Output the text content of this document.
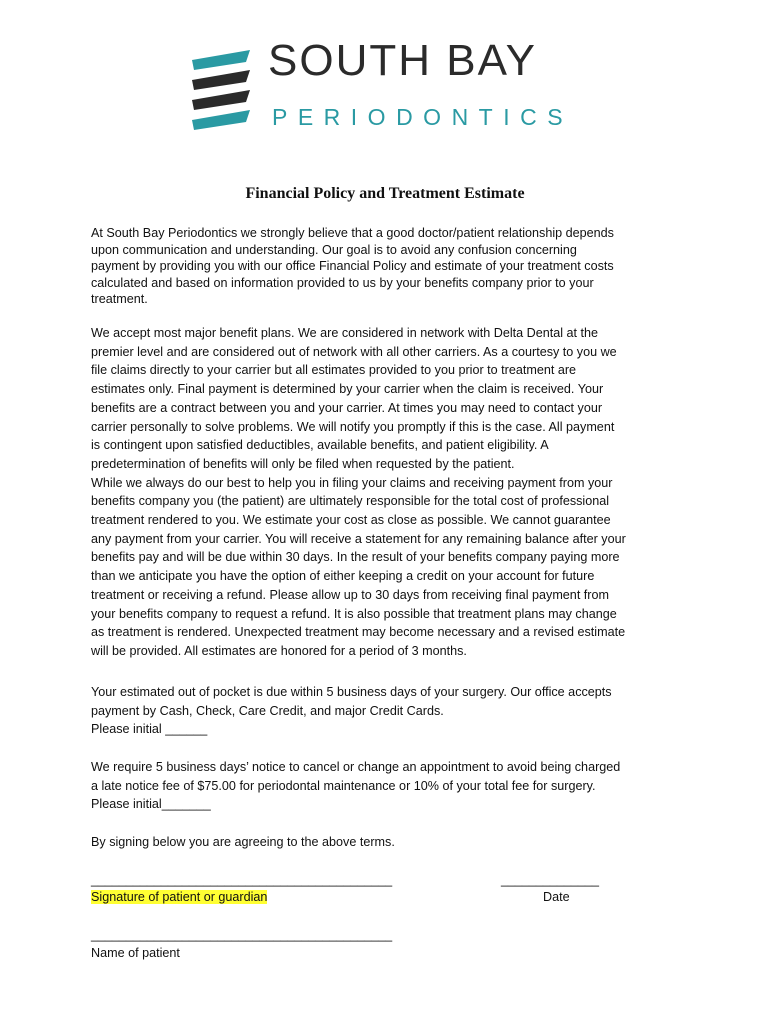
SOUTH BAY
PERIODONTICS
Financial Policy and Treatment Estimate
At South Bay Periodontics we strongly believe that a good doctor/patient relationship depends
upon communication and understanding. Our goal is to avoid any confusion concerning
payment by providing you with our office Financial Policy and estimate of your treatment costs
calculated and based on information provided to us by your benefits company prior to your
treatment.
We accept most major benefit plans. We are considered in network with Delta Dental at the
premier level and are considered out of network with all other carriers. As a courtesy to you we
file claims directly to your carrier but all estimates provided to you prior to treatment are
estimates only. Final payment is determined by your carrier when the claim is received. Your
benefits are a contract between you and your carrier. At times you may need to contact your
carrier personally to solve problems. We will notify you promptly if this is the case. All payment
is contingent upon satisfied deductibles, available benefits, and patient eligibility. A
predetermination of benefits will only be filed when requested by the patient.
While we always do our best to help you in filing your claims and receiving payment from your
benefits company you (the patient) are ultimately responsible for the total cost of professional
treatment rendered to you. We estimate your cost as close as possible. We cannot guarantee
any payment from your carrier. You will receive a statement for any remaining balance after your
benefits pay and will be due within 30 days. In the result of your benefits company paying more
than we anticipate you have the option of either keeping a credit on your account for future
treatment or receiving a refund. Please allow up to 30 days from receiving final payment from
your benefits company to request a refund. It is also possible that treatment plans may change
as treatment is rendered. Unexpected treatment may become necessary and a revised estimate
will be provided. All estimates are honored for a period of 3 months.
Your estimated out of pocket is due within 5 business days of your surgery. Our office accepts
payment by Cash, Check, Care Credit, and major Credit Cards.
Please initial ______
We require 5 business days’ notice to cancel or change an appointment to avoid being charged
a late notice fee of $75.00 for periodontal maintenance or 10% of your total fee for surgery.
Please initial_______
By signing below you are agreeing to the above terms.
___________________________________________
Signature of patient or guardian
______________
Date
___________________________________________
Name of patient
